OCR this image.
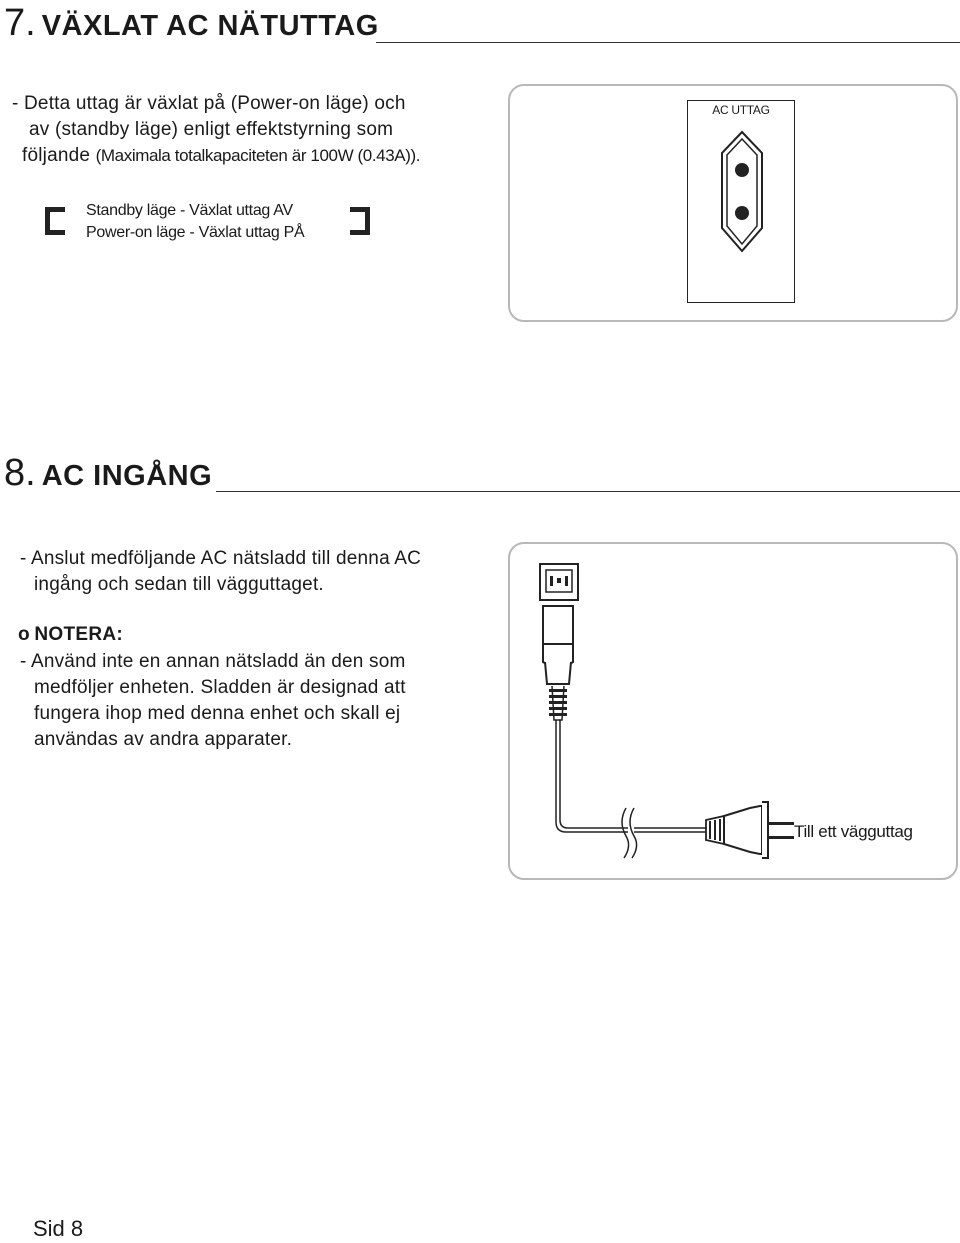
7. VÄXLAT AC NÄTUTTAG
- Detta uttag är växlat på (Power-on läge) och
av (standby läge) enligt effektstyrning som
följande (Maximala totalkapaciteten är 100W (0.43A)).
Standby läge - Växlat uttag AV
Power-on läge - Växlat uttag PÅ
AC UTTAG
8. AC INGÅNG
- Anslut medföljande AC nätsladd till denna AC
ingång och sedan till vägguttaget.
o NOTERA:
- Använd inte en annan nätsladd än den som
medföljer enheten. Sladden är designad att
fungera ihop med denna enhet och skall ej
användas av andra apparater.
Till ett vägguttag
Sid 8
